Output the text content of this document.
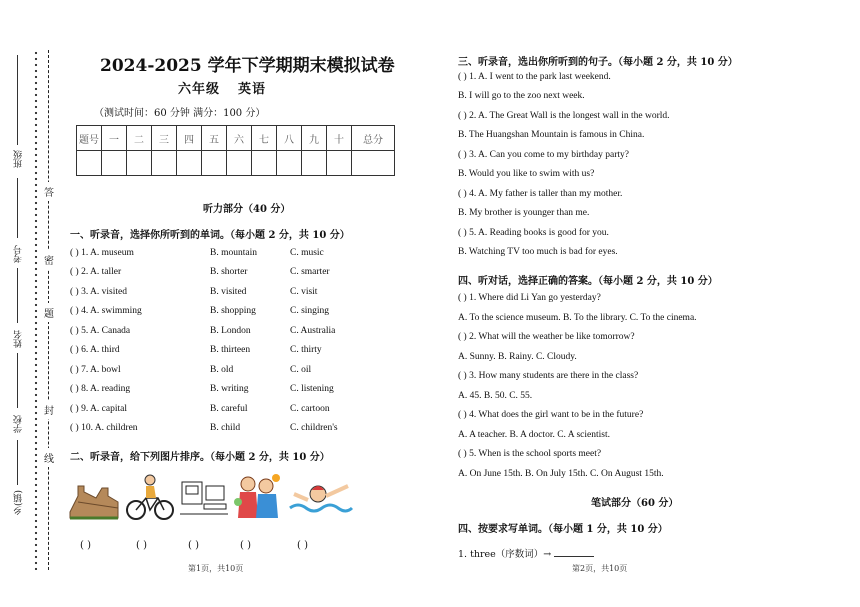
班级
考号
姓名
学校
乡(镇)
答
密
题
封
线
2024-2025 学年下学期期末模拟试卷
六年级 英语
（测试时间：60 分钟 满分：100 分）
题号	一	二	三	四	五	六	七	八	九	十	总分

听力部分（40 分）
一、听录音，选择你所听到的单词。（每小题 2 分，共 10 分）
( ) 1. A. museum	B. mountain	C. music
( ) 2. A. taller	B. shorter	C. smarter
( ) 3. A. visited	B. visited	C. visit
( ) 4. A. swimming	B. shopping	C. singing
( ) 5. A. Canada	B. London	C. Australia
( ) 6. A. third	B. thirteen	C. thirty
( ) 7. A. bowl	B. old	C. oil
( ) 8. A. reading	B. writing	C. listening
( ) 9. A. capital	B. careful	C. cartoon
( ) 10. A. children	B. child	C. children's
二、听录音，给下列图片排序。（每小题 2 分，共 10 分）
( )	( )	( )	( )	( )
第1页，共10页
三、听录音，选出你所听到的句子。（每小题 2 分，共 10 分）
( ) 1. A. I went to the park last weekend.
B. I will go to the zoo next week.
( ) 2. A. The Great Wall is the longest wall in the world.
B. The Huangshan Mountain is famous in China.
( ) 3. A. Can you come to my birthday party?
B. Would you like to swim with us?
( ) 4. A. My father is taller than my mother.
B. My brother is younger than me.
( ) 5. A. Reading books is good for you.
B. Watching TV too much is bad for eyes.
四、听对话，选择正确的答案。（每小题 2 分，共 10 分）
( ) 1. Where did Li Yan go yesterday?
A. To the science museum. B. To the library. C. To the cinema.
( ) 2. What will the weather be like tomorrow?
A. Sunny. B. Rainy. C. Cloudy.
( ) 3. How many students are there in the class?
A. 45. B. 50. C. 55.
( ) 4. What does the girl want to be in the future?
A. A teacher. B. A doctor. C. A scientist.
( ) 5. When is the school sports meet?
A. On June 15th. B. On July 15th. C. On August 15th.
笔试部分（60 分）
四、按要求写单词。（每小题 1 分，共 10 分）
1. three（序数词）→
第2页，共10页
